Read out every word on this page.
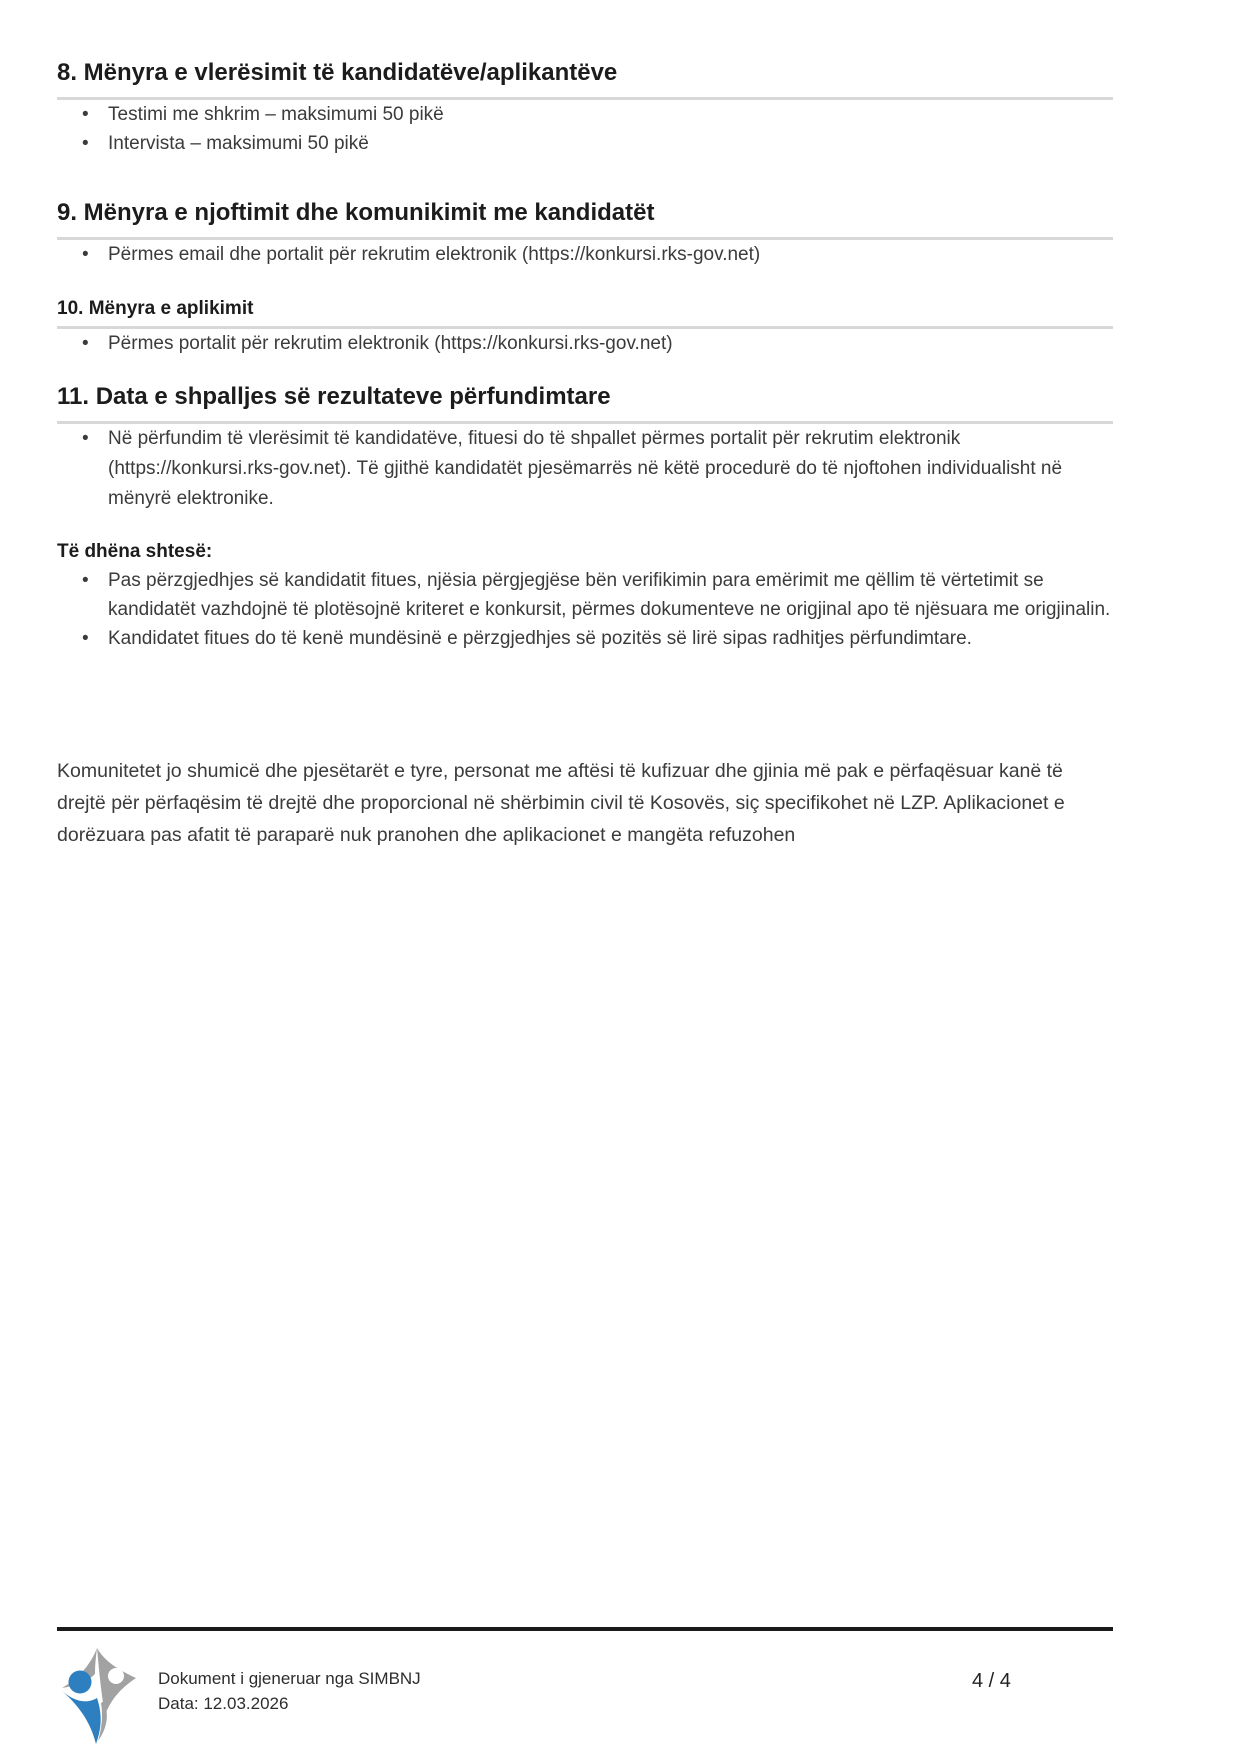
8. Mënyra e vlerësimit të kandidatëve/aplikantëve
• Testimi me shkrim – maksimumi 50 pikë
• Intervista – maksimumi 50 pikë
9. Mënyra e njoftimit dhe komunikimit me kandidatët
• Përmes email dhe portalit për rekrutim elektronik (https://konkursi.rks-gov.net)
10. Mënyra e aplikimit
• Përmes portalit për rekrutim elektronik (https://konkursi.rks-gov.net)
11. Data e shpalljes së rezultateve përfundimtare
• Në përfundim të vlerësimit të kandidatëve, fituesi do të shpallet përmes portalit për rekrutim elektronik (https://konkursi.rks-gov.net). Të gjithë kandidatët pjesëmarrës në këtë procedurë do të njoftohen individualisht në mënyrë elektronike.

Të dhëna shtesë:

• Pas përzgjedhjes së kandidatit fitues, njësia përgjegjëse bën verifikimin para emërimit me qëllim të vërtetimit se kandidatët vazhdojnë të plotësojnë kriteret e konkursit, përmes dokumenteve ne origjinal apo të njësuara me origjinalin.
• Kandidatet fitues do të kenë mundësinë e përzgjedhjes së pozitës së lirë sipas radhitjes përfundimtare.

Komunitetet jo shumicë dhe pjesëtarët e tyre, personat me aftësi të kufizuar dhe gjinia më pak e përfaqësuar kanë të drejtë për përfaqësim të drejtë dhe proporcional në shërbimin civil të Kosovës, siç specifikohet në LZP. Aplikacionet e dorëzuara pas afatit të paraparë nuk pranohen dhe aplikacionet e mangëta refuzohen

Dokument i gjeneruar nga SIMBNJ
Data: 12.03.2026
4 / 4
